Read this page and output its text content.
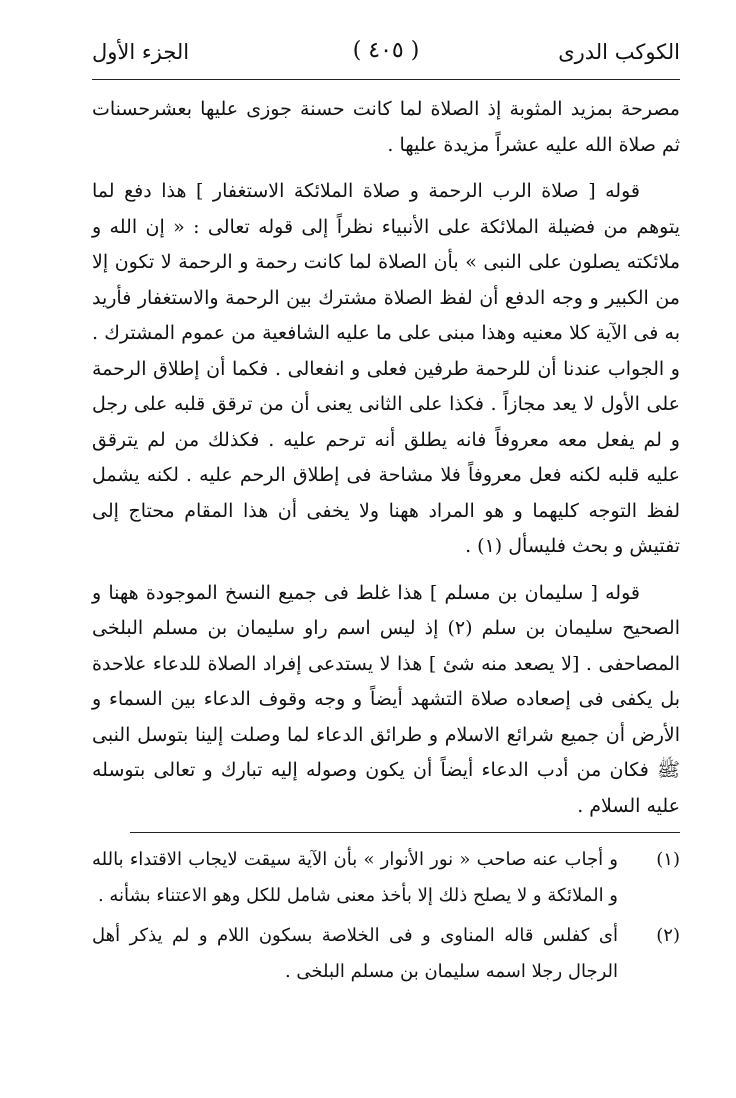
الكوكب الدرى
( ٤٠٥ )
الجزء الأول

مصرحة بمزيد المثوبة إذ الصلاة لما كانت حسنة جوزى عليها بعشرحسنات ثم صلاة الله عليه عشراً مزيدة عليها .

قوله [ صلاة الرب الرحمة و صلاة الملائكة الاستغفار ] هذا دفع لما يتوهم من فضيلة الملائكة على الأنبياء نظراً إلى قوله تعالى : « إن الله و ملائكته يصلون على النبى » بأن الصلاة لما كانت رحمة و الرحمة لا تكون إلا من الكبير و وجه الدفع أن لفظ الصلاة مشترك بين الرحمة والاستغفار فأريد به فى الآية كلا معنيه وهذا مبنى على ما عليه الشافعية من عموم المشترك . و الجواب عندنا أن للرحمة طرفين فعلى و انفعالى . فكما أن إطلاق الرحمة على الأول لا يعد مجازاً . فكذا على الثانى يعنى أن من ترقق قلبه على رجل و لم يفعل معه معروفاً فانه يطلق أنه ترحم عليه . فكذلك من لم يترقق عليه قلبه لكنه فعل معروفاً فلا مشاحة فى إطلاق الرحم عليه . لكنه يشمل لفظ التوجه كليهما و هو المراد ههنا ولا يخفى أن هذا المقام محتاج إلى تفتيش و بحث فليسأل (١) .

قوله [ سليمان بن مسلم ] هذا غلط فى جميع النسخ الموجودة ههنا و الصحيح سليمان بن سلم (٢) إذ ليس اسم راو سليمان بن مسلم البلخى المصاحفى . [لا يصعد منه شئ ] هذا لا يستدعى إفراد الصلاة للدعاء علاحدة بل يكفى فى إصعاده صلاة التشهد أيضاً و وجه وقوف الدعاء بين السماء و الأرض أن جميع شرائع الاسلام و طرائق الدعاء لما وصلت إلينا بتوسل النبى ﷺ فكان من أدب الدعاء أيضاً أن يكون وصوله إليه تبارك و تعالى بتوسله عليه السلام .

(١)
و أجاب عنه صاحب « نور الأنوار » بأن الآية سيقت لايجاب الاقتداء بالله و الملائكة و لا يصلح ذلك إلا بأخذ معنى شامل للكل وهو الاعتناء بشأنه .
(٢)
أى كفلس قاله المناوى و فى الخلاصة بسكون اللام و لم يذكر أهل الرجال رجلا اسمه سليمان بن مسلم البلخى .
